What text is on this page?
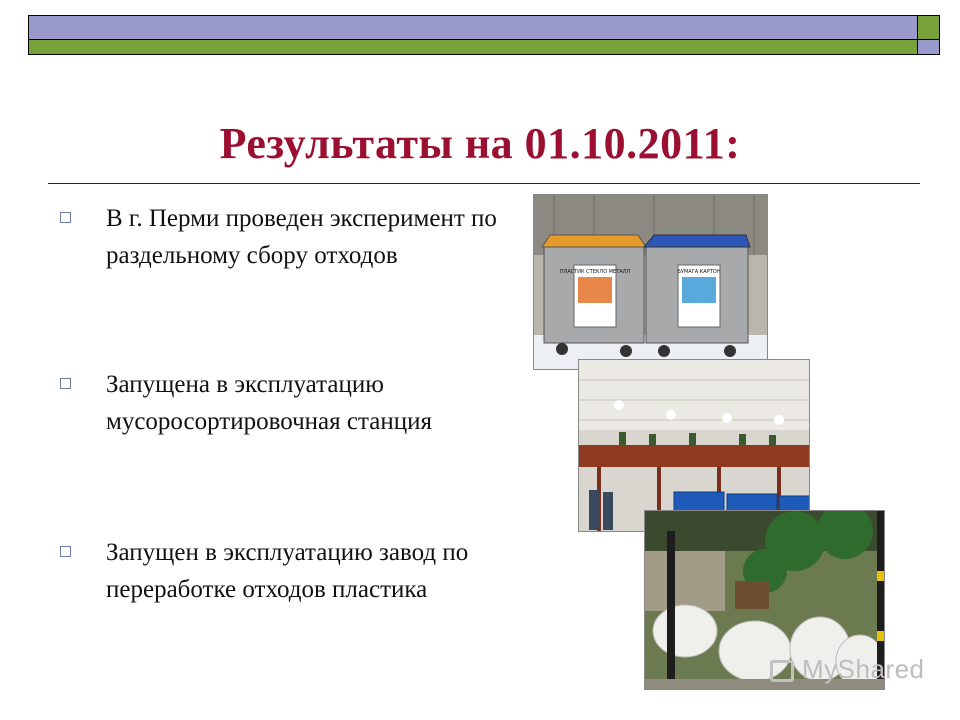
Результаты на 01.10.2011:
В г. Перми проведен эксперимент по раздельному сбору отходов
Запущена в эксплуатацию мусоросортировочная станция
Запущен в эксплуатацию завод по переработке отходов пластика
ПЛАСТИК СТЕКЛО МЕТАЛЛ	БУМАГА КАРТОН
MyShared
